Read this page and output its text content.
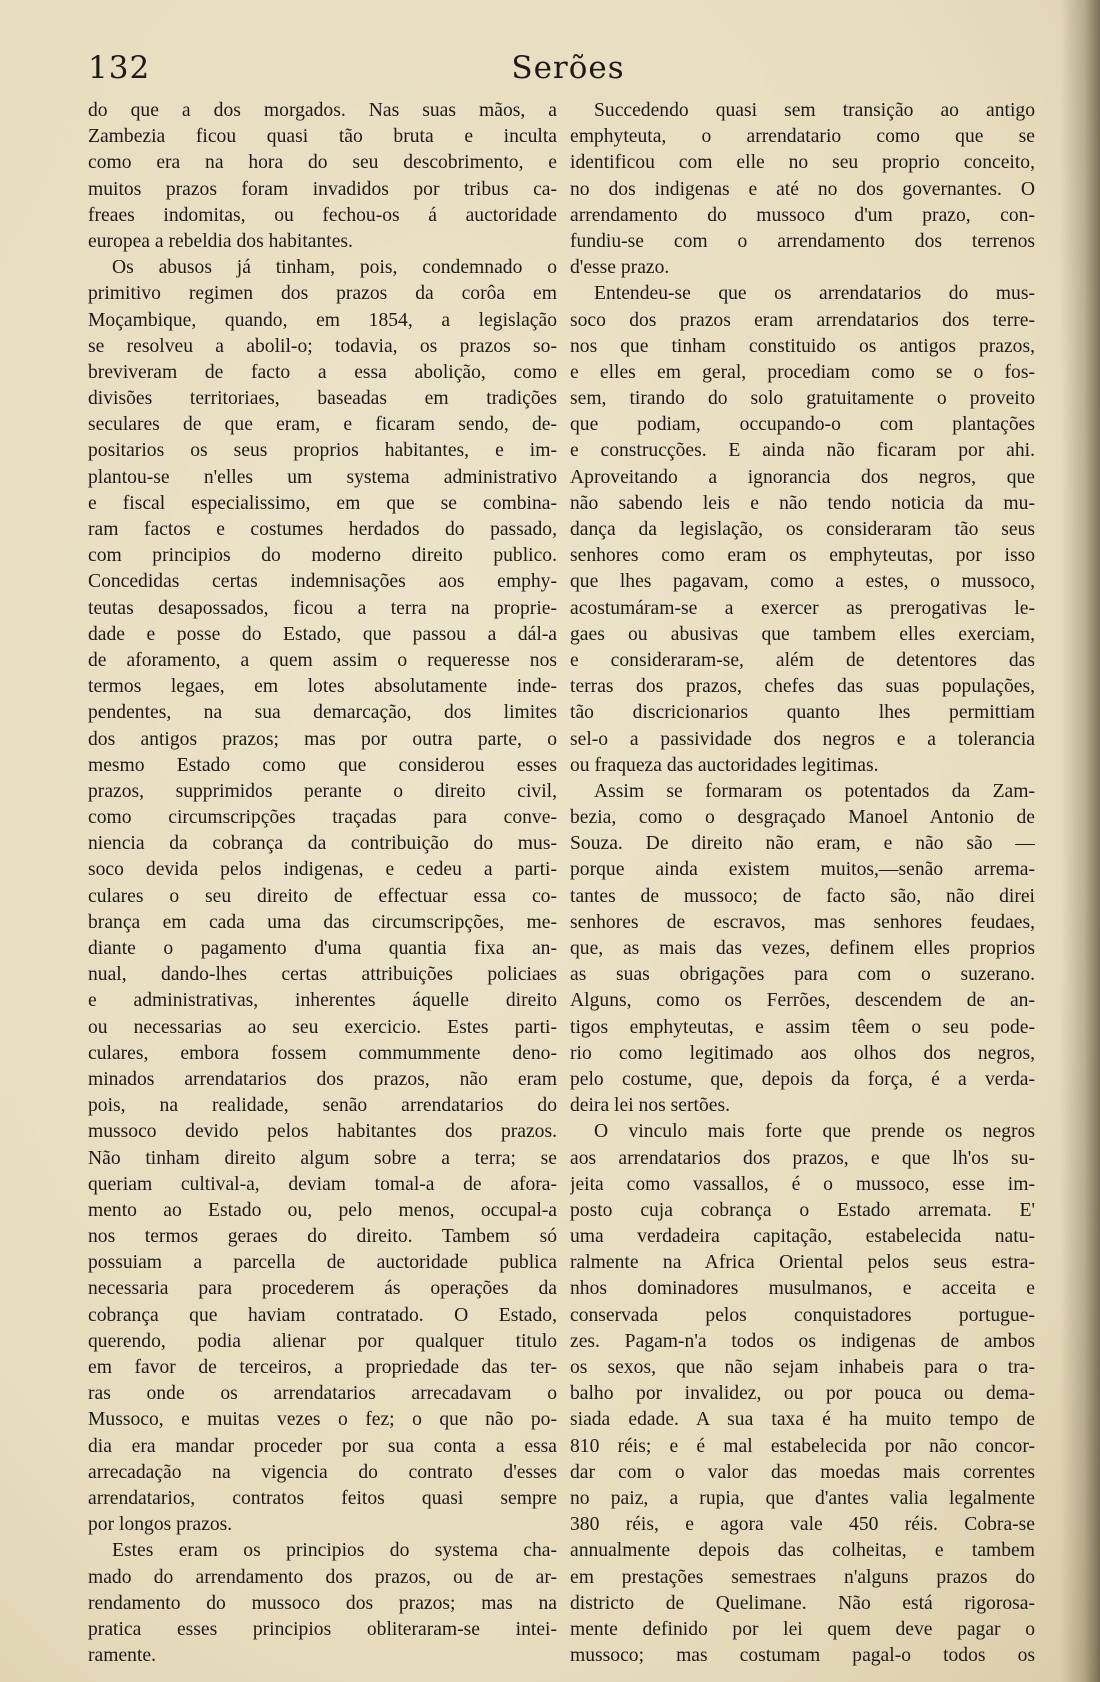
132	Serões
do que a dos morgados. Nas suas mãos, a
Zambezia ficou quasi tão bruta e inculta
como era na hora do seu descobrimento, e
muitos prazos foram invadidos por tribus ca-
freaes indomitas, ou fechou-os á auctoridade
europea a rebeldia dos habitantes.
Os abusos já tinham, pois, condemnado o
primitivo regimen dos prazos da corôa em
Moçambique, quando, em 1854, a legislação
se resolveu a abolil-o; todavia, os prazos so-
breviveram de facto a essa abolição, como
divisões territoriaes, baseadas em tradições
seculares de que eram, e ficaram sendo, de-
positarios os seus proprios habitantes, e im-
plantou-se n'elles um systema administrativo
e fiscal especialissimo, em que se combina-
ram factos e costumes herdados do passado,
com principios do moderno direito publico.
Concedidas certas indemnisações aos emphy-
teutas desapossados, ficou a terra na proprie-
dade e posse do Estado, que passou a dál-a
de aforamento, a quem assim o requeresse nos
termos legaes, em lotes absolutamente inde-
pendentes, na sua demarcação, dos limites
dos antigos prazos; mas por outra parte, o
mesmo Estado como que considerou esses
prazos, supprimidos perante o direito civil,
como circumscripções traçadas para conve-
niencia da cobrança da contribuição do mus-
soco devida pelos indigenas, e cedeu a parti-
culares o seu direito de effectuar essa co-
brança em cada uma das circumscripções, me-
diante o pagamento d'uma quantia fixa an-
nual, dando-lhes certas attribuições policiaes
e administrativas, inherentes áquelle direito
ou necessarias ao seu exercicio. Estes parti-
culares, embora fossem commummente deno-
minados arrendatarios dos prazos, não eram
pois, na realidade, senão arrendatarios do
mussoco devido pelos habitantes dos prazos.
Não tinham direito algum sobre a terra; se
queriam cultival-a, deviam tomal-a de afora-
mento ao Estado ou, pelo menos, occupal-a
nos termos geraes do direito. Tambem só
possuiam a parcella de auctoridade publica
necessaria para procederem ás operações da
cobrança que haviam contratado. O Estado,
querendo, podia alienar por qualquer titulo
em favor de terceiros, a propriedade das ter-
ras onde os arrendatarios arrecadavam o
Mussoco, e muitas vezes o fez; o que não po-
dia era mandar proceder por sua conta a essa
arrecadação na vigencia do contrato d'esses
arrendatarios, contratos feitos quasi sempre
por longos prazos.
Estes eram os principios do systema cha-
mado do arrendamento dos prazos, ou de ar-
rendamento do mussoco dos prazos; mas na
pratica esses principios obliteraram-se intei-
ramente.
Succedendo quasi sem transição ao antigo
emphyteuta, o arrendatario como que se
identificou com elle no seu proprio conceito,
no dos indigenas e até no dos governantes. O
arrendamento do mussoco d'um prazo, con-
fundiu-se com o arrendamento dos terrenos
d'esse prazo.
Entendeu-se que os arrendatarios do mus-
soco dos prazos eram arrendatarios dos terre-
nos que tinham constituido os antigos prazos,
e elles em geral, procediam como se o fos-
sem, tirando do solo gratuitamente o proveito
que podiam, occupando-o com plantações
e construcções. E ainda não ficaram por ahi.
Aproveitando a ignorancia dos negros, que
não sabendo leis e não tendo noticia da mu-
dança da legislação, os consideraram tão seus
senhores como eram os emphyteutas, por isso
que lhes pagavam, como a estes, o mussoco,
acostumáram-se a exercer as prerogativas le-
gaes ou abusivas que tambem elles exerciam,
e consideraram-se, além de detentores das
terras dos prazos, chefes das suas populações,
tão discricionarios quanto lhes permittiam
sel-o a passividade dos negros e a tolerancia
ou fraqueza das auctoridades legitimas.
Assim se formaram os potentados da Zam-
bezia, como o desgraçado Manoel Antonio de
Souza. De direito não eram, e não são —
porque ainda existem muitos,—senão arrema-
tantes de mussoco; de facto são, não direi
senhores de escravos, mas senhores feudaes,
que, as mais das vezes, definem elles proprios
as suas obrigações para com o suzerano.
Alguns, como os Ferrões, descendem de an-
tigos emphyteutas, e assim têem o seu pode-
rio como legitimado aos olhos dos negros,
pelo costume, que, depois da força, é a verda-
deira lei nos sertões.
O vinculo mais forte que prende os negros
aos arrendatarios dos prazos, e que lh'os su-
jeita como vassallos, é o mussoco, esse im-
posto cuja cobrança o Estado arremata. E'
uma verdadeira capitação, estabelecida natu-
ralmente na Africa Oriental pelos seus estra-
nhos dominadores musulmanos, e acceita e
conservada pelos conquistadores portugue-
zes. Pagam-n'a todos os indigenas de ambos
os sexos, que não sejam inhabeis para o tra-
balho por invalidez, ou por pouca ou dema-
siada edade. A sua taxa é ha muito tempo de
810 réis; e é mal estabelecida por não concor-
dar com o valor das moedas mais correntes
no paiz, a rupia, que d'antes valia legalmente
380 réis, e agora vale 450 réis. Cobra-se
annualmente depois das colheitas, e tambem
em prestações semestraes n'alguns prazos do
districto de Quelimane. Não está rigorosa-
mente definido por lei quem deve pagar o
mussoco; mas costumam pagal-o todos os
